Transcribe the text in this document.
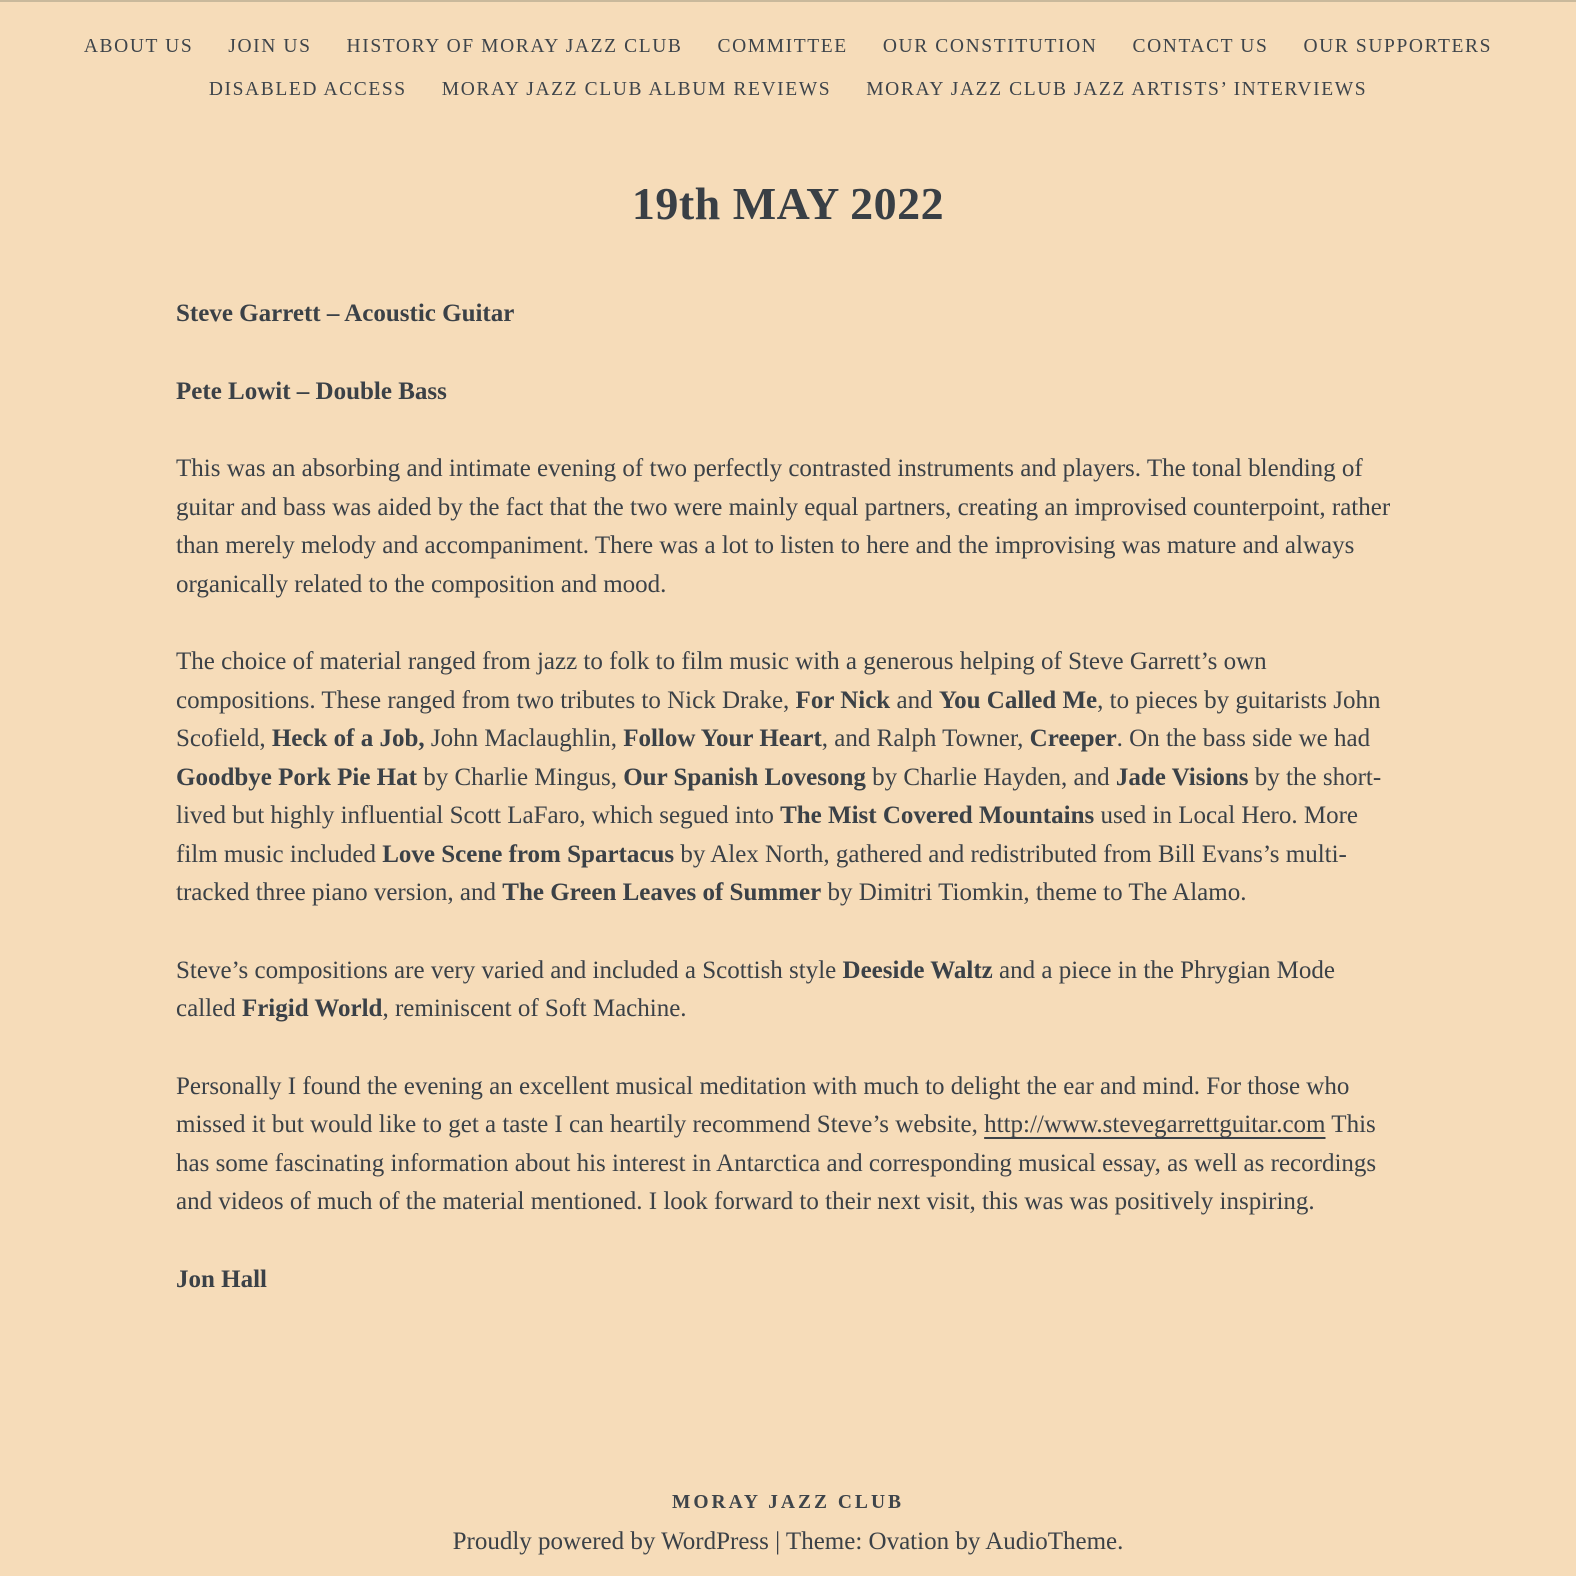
ABOUT US JOIN US HISTORY OF MORAY JAZZ CLUB COMMITTEE OUR CONSTITUTION CONTACT US OUR SUPPORTERS
DISABLED ACCESS MORAY JAZZ CLUB ALBUM REVIEWS MORAY JAZZ CLUB JAZZ ARTISTS’ INTERVIEWS
19th MAY 2022

Steve Garrett – Acoustic Guitar

Pete Lowit – Double Bass

This was an absorbing and intimate evening of two perfectly contrasted instruments and players. The tonal blending of guitar and bass was aided by the fact that the two were mainly equal partners, creating an improvised counterpoint, rather than merely melody and accompaniment. There was a lot to listen to here and the improvising was mature and always organically related to the composition and mood.

The choice of material ranged from jazz to folk to film music with a generous helping of Steve Garrett’s own compositions. These ranged from two tributes to Nick Drake, For Nick and You Called Me, to pieces by guitarists John Scofield, Heck of a Job, John Maclaughlin, Follow Your Heart, and Ralph Towner, Creeper. On the bass side we had Goodbye Pork Pie Hat by Charlie Mingus, Our Spanish Lovesong by Charlie Hayden, and Jade Visions by the short-lived but highly influential Scott LaFaro, which segued into The Mist Covered Mountains used in Local Hero. More film music included Love Scene from Spartacus by Alex North, gathered and redistributed from Bill Evans’s multi-tracked three piano version, and The Green Leaves of Summer by Dimitri Tiomkin, theme to The Alamo.

Steve’s compositions are very varied and included a Scottish style Deeside Waltz and a piece in the Phrygian Mode called Frigid World, reminiscent of Soft Machine.

Personally I found the evening an excellent musical meditation with much to delight the ear and mind. For those who missed it but would like to get a taste I can heartily recommend Steve’s website, http://www.stevegarrettguitar.com This has some fascinating information about his interest in Antarctica and corresponding musical essay, as well as recordings and videos of much of the material mentioned. I look forward to their next visit, this was was positively inspiring.

Jon Hall

MORAY JAZZ CLUB

Proudly powered by WordPress | Theme: Ovation by AudioTheme.
